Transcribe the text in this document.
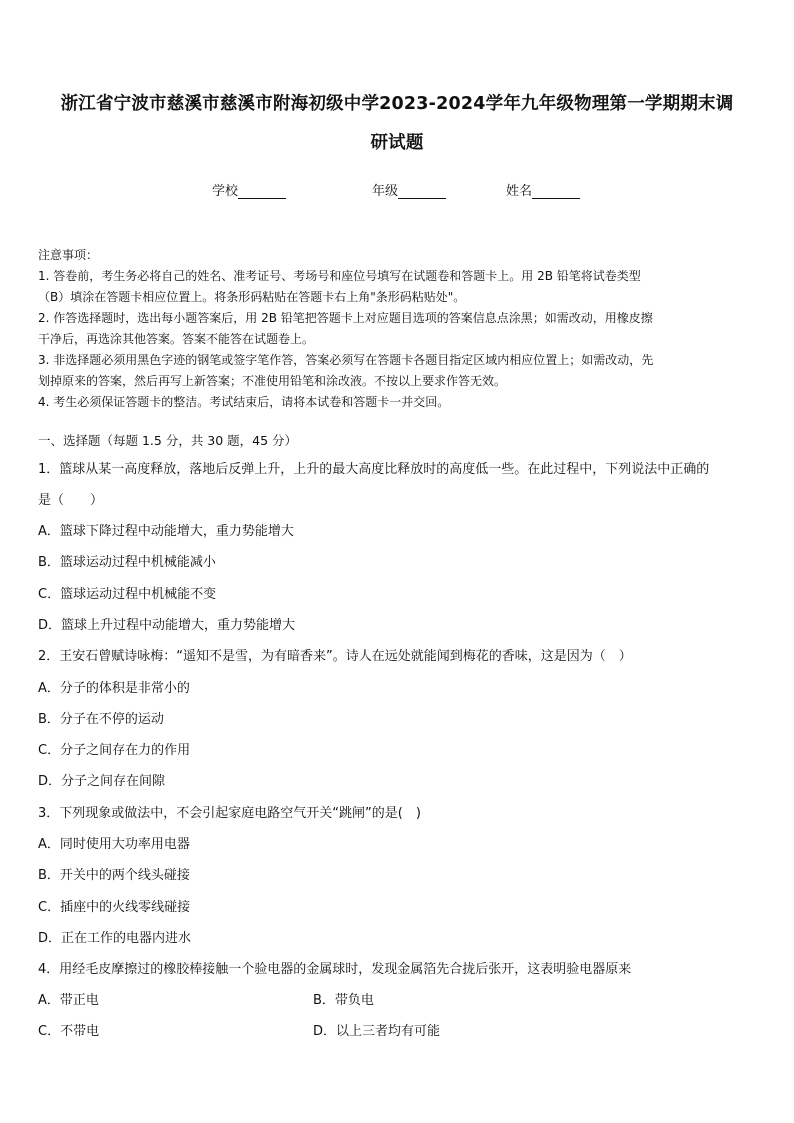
浙江省宁波市慈溪市慈溪市附海初级中学2023-2024学年九年级物理第一学期期末调
研试题
学校	年级	姓名
注意事项：
1. 答卷前，考生务必将自己的姓名、准考证号、考场号和座位号填写在试题卷和答题卡上。用 2B 铅笔将试卷类型
（B）填涂在答题卡相应位置上。将条形码粘贴在答题卡右上角"条形码粘贴处"。
2. 作答选择题时，选出每小题答案后，用 2B 铅笔把答题卡上对应题目选项的答案信息点涂黑；如需改动，用橡皮擦
干净后，再选涂其他答案。答案不能答在试题卷上。
3. 非选择题必须用黑色字迹的钢笔或签字笔作答，答案必须写在答题卡各题目指定区域内相应位置上；如需改动，先
划掉原来的答案，然后再写上新答案；不准使用铅笔和涂改液。不按以上要求作答无效。
4. 考生必须保证答题卡的整洁。考试结束后，请将本试卷和答题卡一并交回。
一、选择题（每题 1.5 分，共 30 题，45 分）
1．篮球从某一高度释放，落地后反弹上升，上升的最大高度比释放时的高度低一些。在此过程中，下列说法中正确的
是（　　）
A．篮球下降过程中动能增大，重力势能增大
B．篮球运动过程中机械能减小
C．篮球运动过程中机械能不变
D．篮球上升过程中动能增大，重力势能增大
2．王安石曾赋诗咏梅：“遥知不是雪，为有暗香来”。诗人在远处就能闻到梅花的香味，这是因为（　）
A．分子的体积是非常小的
B．分子在不停的运动
C．分子之间存在力的作用
D．分子之间存在间隙
3．下列现象或做法中，不会引起家庭电路空气开关“跳闸”的是(　)
A．同时使用大功率用电器
B．开关中的两个线头碰接
C．插座中的火线零线碰接
D．正在工作的电器内进水
4．用经毛皮摩擦过的橡胶棒接触一个验电器的金属球时，发现金属箔先合拢后张开，这表明验电器原来
A．带正电	B．带负电
C．不带电	D．以上三者均有可能
